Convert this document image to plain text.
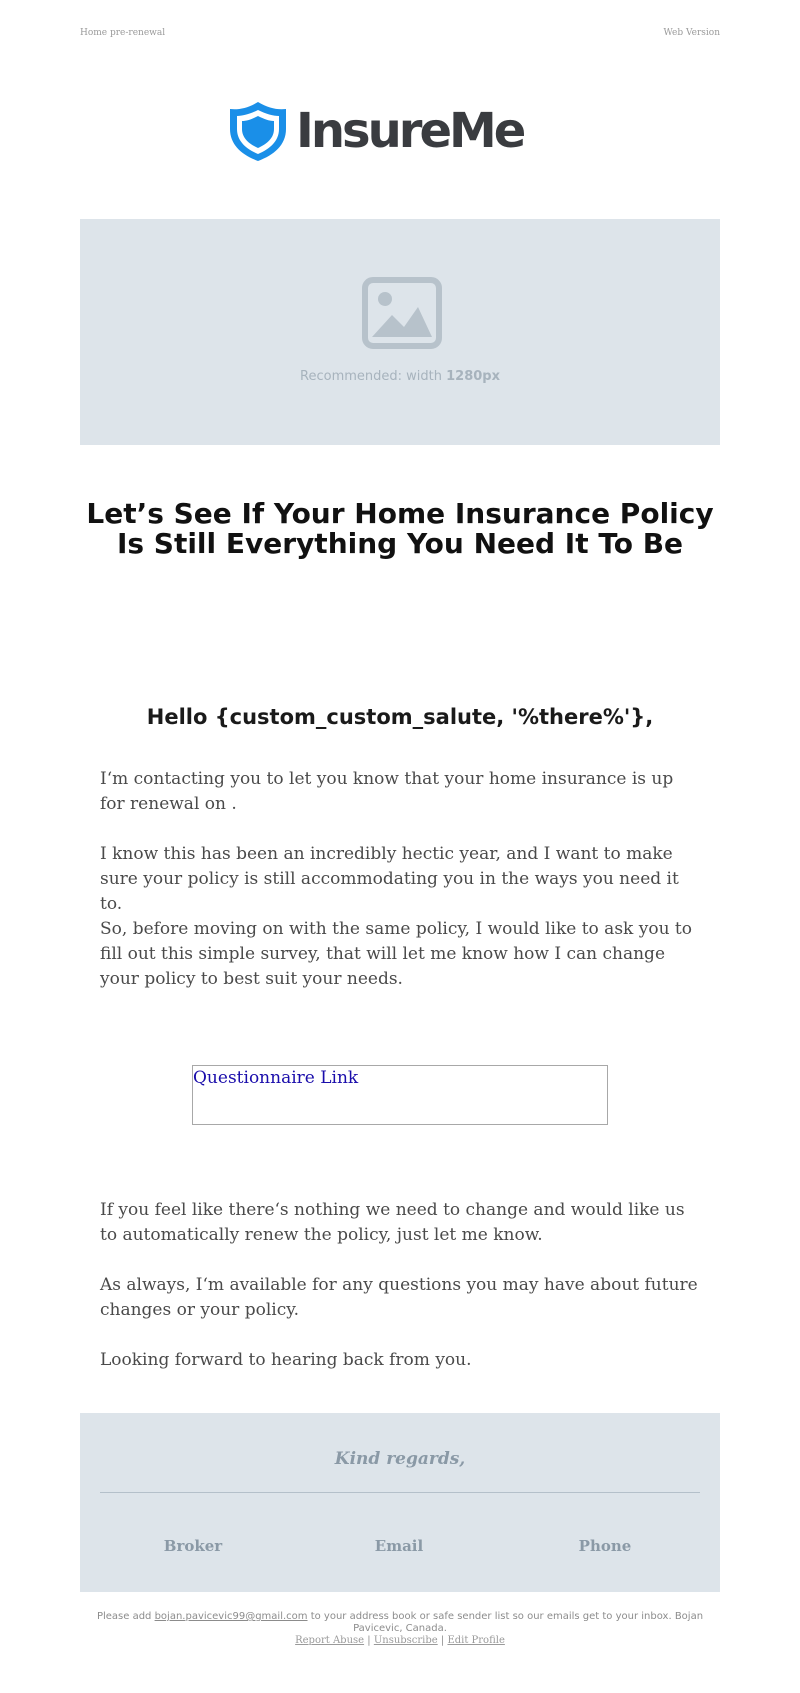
Home pre-renewal	Web Version
InsureMe
Recommended: width 1280px
Let’s See If Your Home Insurance Policy Is Still Everything You Need It To Be
Hello {custom_custom_salute, '%there%'},

I‘m contacting you to let you know that your home insurance is up for renewal on .

I know this has been an incredibly hectic year, and I want to make sure your policy is still accommodating you in the ways you need it to.

So, before moving on with the same policy, I would like to ask you to fill out this simple survey, that will let me know how I can change your policy to best suit your needs.

Questionnaire Link

If you feel like there‘s nothing we need to change and would like us to automatically renew the policy, just let me know.

As always, I‘m available for any questions you may have about future changes or your policy.

Looking forward to hearing back from you.

Kind regards,
Broker	Email	Phone
Please add bojan.pavicevic99@gmail.com to your address book or safe sender list so our emails get to your inbox. Bojan Pavicevic, Canada.
Report Abuse | Unsubscribe | Edit Profile
